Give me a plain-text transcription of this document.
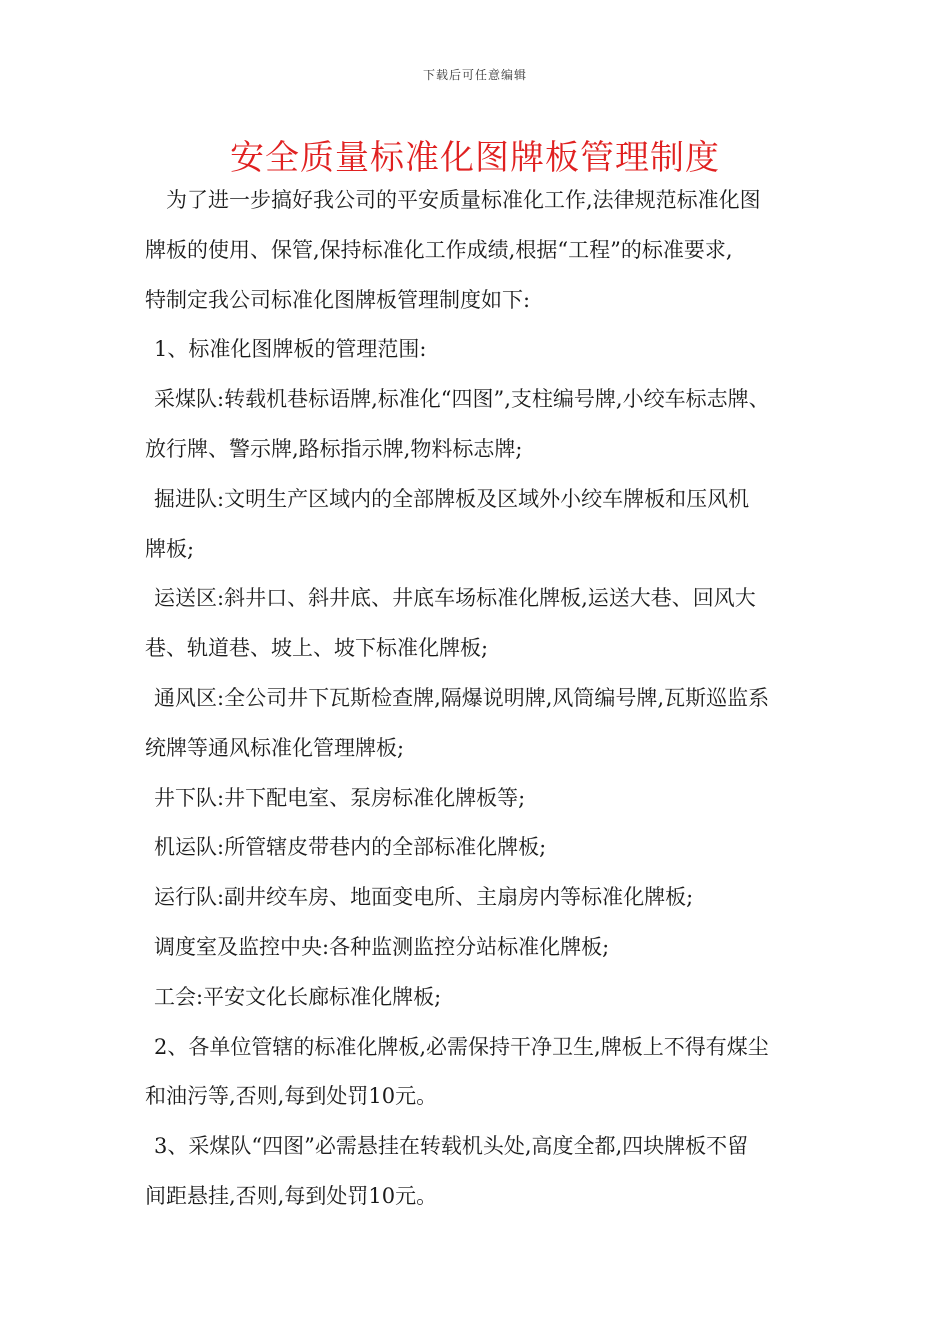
下载后可任意编辑
安全质量标准化图牌板管理制度
为了进一步搞好我公司的平安质量标准化工作,法律规范标准化图
牌板的使用、保管,保持标准化工作成绩,根据“工程”的标准要求,
特制定我公司标准化图牌板管理制度如下:
1、标准化图牌板的管理范围:
采煤队:转载机巷标语牌,标准化“四图”,支柱编号牌,小绞车标志牌、
放行牌、警示牌,路标指示牌,物料标志牌;
掘进队:文明生产区域内的全部牌板及区域外小绞车牌板和压风机
牌板;
运送区:斜井口、斜井底、井底车场标准化牌板,运送大巷、回风大
巷、轨道巷、坡上、坡下标准化牌板;
通风区:全公司井下瓦斯检查牌,隔爆说明牌,风筒编号牌,瓦斯巡监系
统牌等通风标准化管理牌板;
井下队:井下配电室、泵房标准化牌板等;
机运队:所管辖皮带巷内的全部标准化牌板;
运行队:副井绞车房、地面变电所、主扇房内等标准化牌板;
调度室及监控中央:各种监测监控分站标准化牌板;
工会:平安文化长廊标准化牌板;
2、各单位管辖的标准化牌板,必需保持干净卫生,牌板上不得有煤尘
和油污等,否则,每到处罚10元。
3、采煤队“四图”必需悬挂在转载机头处,高度全都,四块牌板不留
间距悬挂,否则,每到处罚10元。
